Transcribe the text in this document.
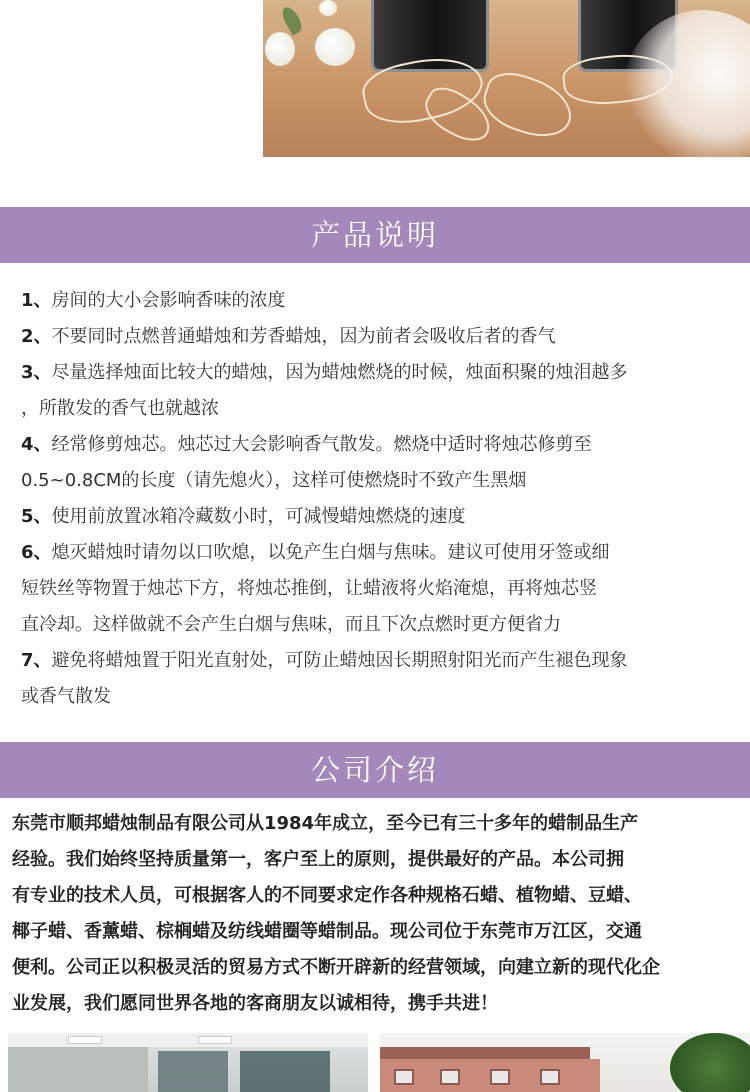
产品说明
1、房间的大小会影响香味的浓度
2、不要同时点燃普通蜡烛和芳香蜡烛，因为前者会吸收后者的香气
3、尽量选择烛面比较大的蜡烛，因为蜡烛燃烧的时候，烛面积聚的烛泪越多
，所散发的香气也就越浓
4、经常修剪烛芯。烛芯过大会影响香气散发。燃烧中适时将烛芯修剪至
0.5~0.8CM的长度（请先熄火），这样可使燃烧时不致产生黑烟
5、使用前放置冰箱冷藏数小时，可减慢蜡烛燃烧的速度
6、熄灭蜡烛时请勿以口吹熄，以免产生白烟与焦味。建议可使用牙签或细
短铁丝等物置于烛芯下方，将烛芯推倒，让蜡液将火焰淹熄，再将烛芯竖
直冷却。这样做就不会产生白烟与焦味，而且下次点燃时更方便省力
7、避免将蜡烛置于阳光直射处，可防止蜡烛因长期照射阳光而产生褪色现象
或香气散发
公司介绍
东莞市顺邦蜡烛制品有限公司从1984年成立，至今已有三十多年的蜡制品生产
经验。我们始终坚持质量第一，客户至上的原则，提供最好的产品。本公司拥
有专业的技术人员，可根据客人的不同要求定作各种规格石蜡、植物蜡、豆蜡、
椰子蜡、香薰蜡、棕榈蜡及纺线蜡圈等蜡制品。现公司位于东莞市万江区，交通
便利。公司正以积极灵活的贸易方式不断开辟新的经营领域，向建立新的现代化企
业发展，我们愿同世界各地的客商朋友以诚相待，携手共进！
